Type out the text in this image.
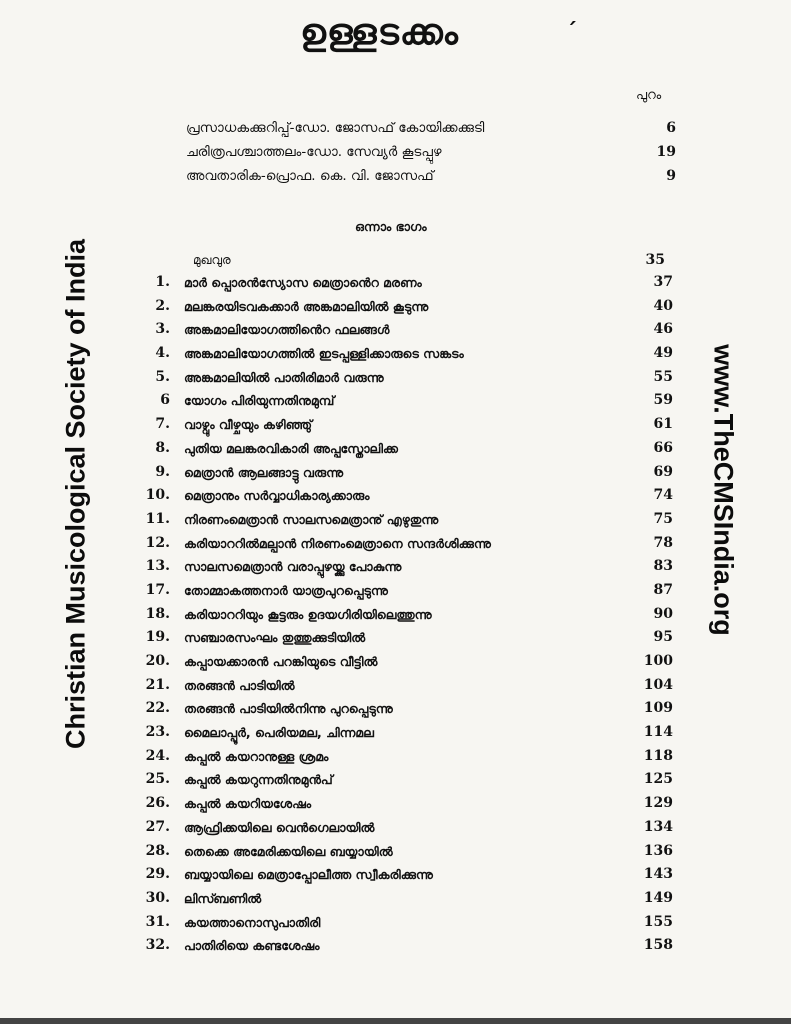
ഉള്ളടക്കം	׳
പുറം
പ്രസാധകക്കുറിപ്പ്-ഡോ. ജോസഫ് കോയിക്കക്കുടി	6
ചരിത്രപശ്ചാത്തലം-ഡോ. സേവ്യർ കൂടപ്പുഴ	19
അവതാരിക-പ്രൊഫ. കെ. വി. ജോസഫ്	9
ഒന്നാം ഭാഗം
മുഖവുര	35
1. മാർ പ്പൊരൻസ്യോസ മെത്രാൻെറ മരണം	37
2. മലങ്കരയിടവകക്കാർ അങ്കമാലിയിൽ കൂടുന്നു	40
3. അങ്കമാലിയോഗത്തിൻെറ ഫലങ്ങൾ	46
4. അങ്കമാലിയോഗത്തിൽ ഇടപ്പള്ളിക്കാരുടെ സങ്കടം	49
5. അങ്കമാലിയിൽ പാതിരിമാർ വരുന്നു	55
6 യോഗം പിരിയുന്നതിനുമുമ്പ്	59
7. വാഴ്വും വീഴ്ചയും കഴിഞ്ഞു്	61
8. പുതിയ മലങ്കരവികാരി അപ്പസ്തോലിക്ക	66
9. മെത്രാൻ ആലങ്ങാട്ടു വരുന്നു	69
10. മെത്രാനും സർവ്വാധികാര്യക്കാരും	74
11. നിരണംമെത്രാൻ സാലസമെത്രാനു് എഴുതുന്നു	75
12. കരിയാററിൽമല്പാൻ നിരണംമെത്രാനെ സന്ദർശിക്കുന്നു	78
13. സാലസമെത്രാൻ വരാപ്പുഴയ്ക്കു പോകുന്നു	83
17. തോമ്മാകത്തനാർ യാത്രപുറപ്പെടുന്നു	87
18. കരിയാററിയും കൂട്ടരും ഉദയഗിരിയിലെത്തുന്നു	90
19. സഞ്ചാരസംഘം തുത്തുക്കുടിയിൽ	95
20. കപ്പായക്കാരൻ പറങ്കിയുടെ വീട്ടിൽ	100
21. തരങ്ങൻ പാടിയിൽ	104
22. തരങ്ങൻ പാടിയിൽനിന്നു പുറപ്പെടുന്നു	109
23. മൈലാപ്പൂർ, പെരിയമല, ചിന്നമല	114
24. കപ്പൽ കയറാനുള്ള ശ്രമം	118
25. കപ്പൽ കയറുന്നതിനുമുൻപ്	125
26. കപ്പൽ കയറിയശേഷം	129
27. ആഫ്രിക്കയിലെ വെൻഗെലായിൽ	134
28. തെക്കെ അമേരിക്കയിലെ ബയ്യായിൽ	136
29. ബയ്യായിലെ മെത്രാപ്പോലീത്ത സ്വീകരിക്കുന്നു	143
30. ലിസ്ബണിൽ	149
31. കയത്താനൊസുപാതിരി	155
32. പാതിരിയെ കണ്ടശേഷം	158
Christian Musicological Society of India	www.TheCMSIndia.org
